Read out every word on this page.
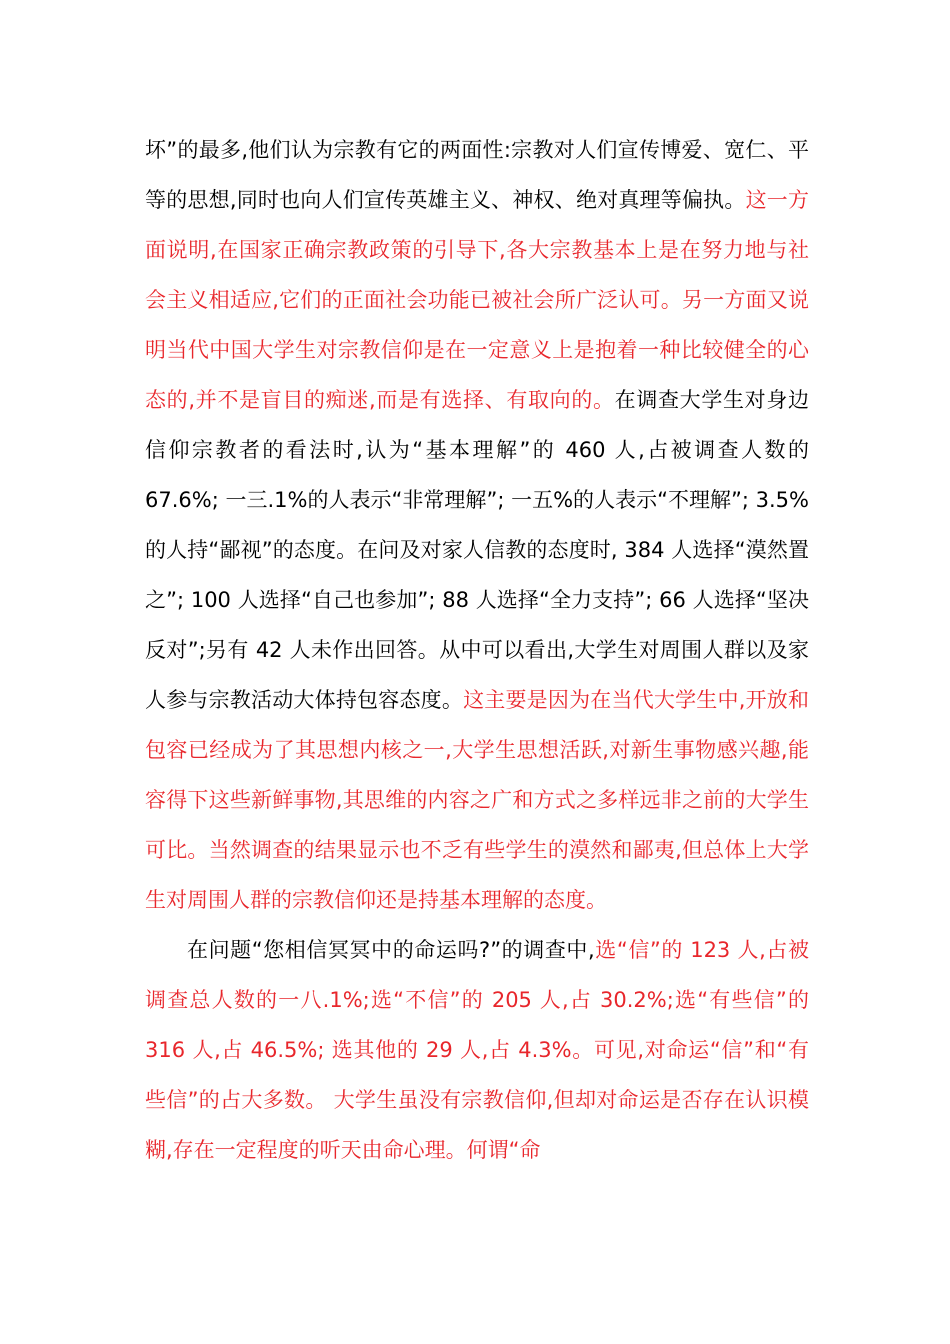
坏”的最多,他们认为宗教有它的两面性:宗教对人们宣传博爱、宽仁、平等的思想,同时也向人们宣传英雄主义、神权、绝对真理等偏执。这一方面说明,在国家正确宗教政策的引导下,各大宗教基本上是在努力地与社会主义相适应,它们的正面社会功能已被社会所广泛认可。另一方面又说明当代中国大学生对宗教信仰是在一定意义上是抱着一种比较健全的心态的,并不是盲目的痴迷,而是有选择、有取向的。在调查大学生对身边信仰宗教者的看法时,认为“基本理解”的 460 人,占被调查人数的 67.6%; 一三.1%的人表示“非常理解”; 一五%的人表示“不理解”; 3.5%的人持“鄙视”的态度。在问及对家人信教的态度时, 384 人选择“漠然置之”; 100 人选择“自己也参加”; 88 人选择“全力支持”; 66 人选择“坚决反对”;另有 42 人未作出回答。从中可以看出,大学生对周围人群以及家人参与宗教活动大体持包容态度。这主要是因为在当代大学生中,开放和包容已经成为了其思想内核之一,大学生思想活跃,对新生事物感兴趣,能容得下这些新鲜事物,其思维的内容之广和方式之多样远非之前的大学生可比。当然调查的结果显示也不乏有些学生的漠然和鄙夷,但总体上大学生对周围人群的宗教信仰还是持基本理解的态度。

在问题“您相信冥冥中的命运吗?”的调查中,选“信”的 123 人,占被调查总人数的一八.1%;选“不信”的 205 人,占 30.2%;选“有些信”的 316 人,占 46.5%; 选其他的 29 人,占 4.3%。可见,对命运“信”和“有些信”的占大多数。 大学生虽没有宗教信仰,但却对命运是否存在认识模糊,存在一定程度的听天由命心理。何谓“命
